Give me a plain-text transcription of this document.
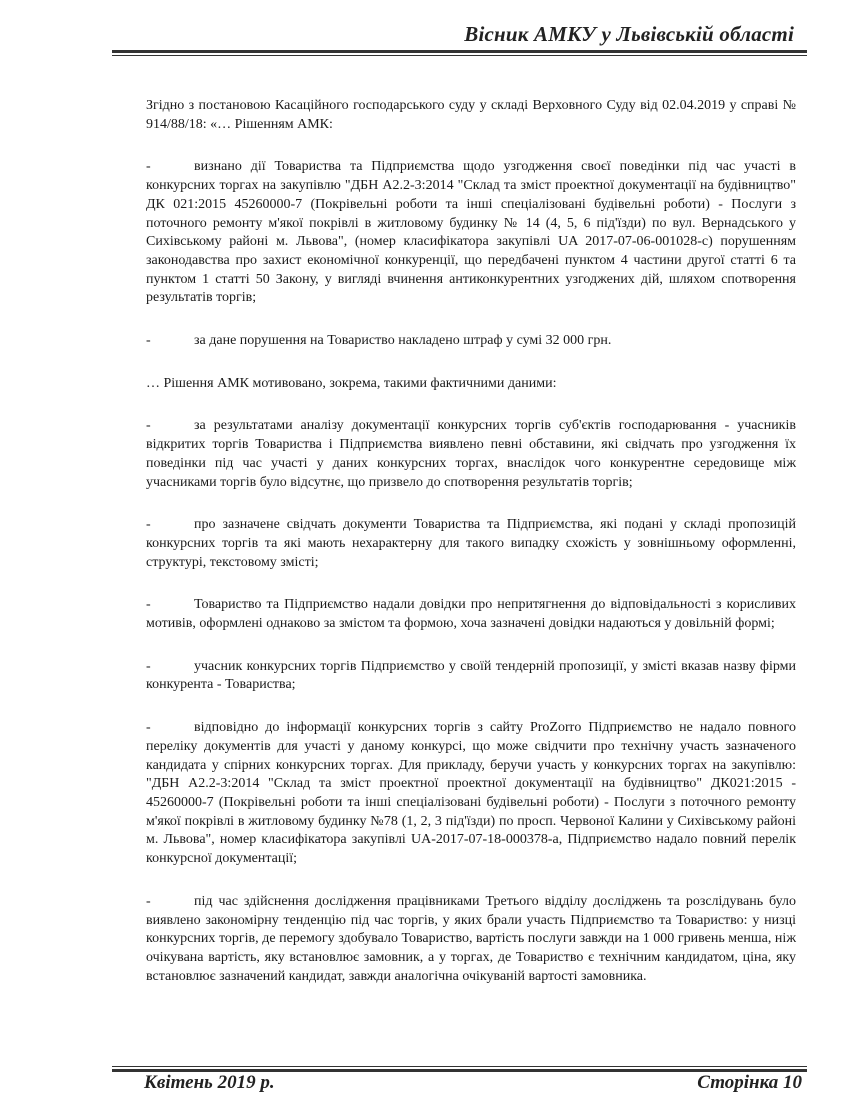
Вісник АМКУ у Львівській області

Згідно з постановою Касаційного господарського суду у складі Верховного Суду від 02.04.2019 у справі № 914/88/18: «… Рішенням АМК:

-	визнано дії Товариства та Підприємства щодо узгодження своєї поведінки під час участі в конкурсних торгах на закупівлю "ДБН А2.2-3:2014 "Склад та зміст проектної документації на будівництво" ДК 021:2015 45260000-7 (Покрівельні роботи та інші спеціалізовані будівельні роботи) - Послуги з поточного ремонту м'якої покрівлі в житловому будинку № 14 (4, 5, 6 під'їзди) по вул. Вернадського у Сихівському районі м. Львова", (номер класифікатора закупівлі UA 2017-07-06-001028-с) порушенням законодавства про захист економічної конкуренції, що передбачені пунктом 4 частини другої статті 6 та пунктом 1 статті 50 Закону, у вигляді вчинення антиконкурентних узгоджених дій, шляхом спотворення результатів торгів;

-	за дане порушення на Товариство накладено штраф у сумі 32 000 грн.

… Рішення АМК мотивовано, зокрема, такими фактичними даними:

-	за результатами аналізу документації конкурсних торгів суб'єктів господарювання - учасників відкритих торгів Товариства і Підприємства виявлено певні обставини, які свідчать про узгодження їх поведінки під час участі у даних конкурсних торгах, внаслідок чого конкурентне середовище між учасниками торгів було відсутнє, що призвело до спотворення результатів торгів;

-	про зазначене свідчать документи Товариства та Підприємства, які подані у складі пропозицій конкурсних торгів та які мають нехарактерну для такого випадку схожість у зовнішньому оформленні, структурі, текстовому змісті;

-	Товариство та Підприємство надали довідки про непритягнення до відповідальності з корисливих мотивів, оформлені однаково за змістом та формою, хоча зазначені довідки надаються у довільній формі;

-	учасник конкурсних торгів Підприємство у своїй тендерній пропозиції, у змісті вказав назву фірми конкурента - Товариства;

-	відповідно до інформації конкурсних торгів з сайту ProZorro Підприємство не надало повного переліку документів для участі у даному конкурсі, що може свідчити про технічну участь зазначеного кандидата у спірних конкурсних торгах. Для прикладу, беручи участь у конкурсних торгах на закупівлю: "ДБН А2.2-3:2014 "Склад та зміст проектної проектної документації на будівництво" ДК021:2015 - 45260000-7 (Покрівельні роботи та інші спеціалізовані будівельні роботи) - Послуги з поточного ремонту м'якої покрівлі в житловому будинку №78 (1, 2, 3 під'їзди) по просп. Червоної Калини у Сихівському районі м. Львова", номер класифікатора закупівлі UA-2017-07-18-000378-а, Підприємство надало повний перелік конкурсної документації;

-	під час здійснення дослідження працівниками Третього відділу досліджень та розслідувань було виявлено закономірну тенденцію під час торгів, у яких брали участь Підприємство та Товариство: у низці конкурсних торгів, де перемогу здобувало Товариство, вартість послуги завжди на 1 000 гривень менша, ніж очікувана вартість, яку встановлює замовник, а у торгах, де Товариство є технічним кандидатом, ціна, яку встановлює зазначений кандидат, завжди аналогічна очікуваній вартості замовника.

Квітень 2019 р.	Сторінка 10
